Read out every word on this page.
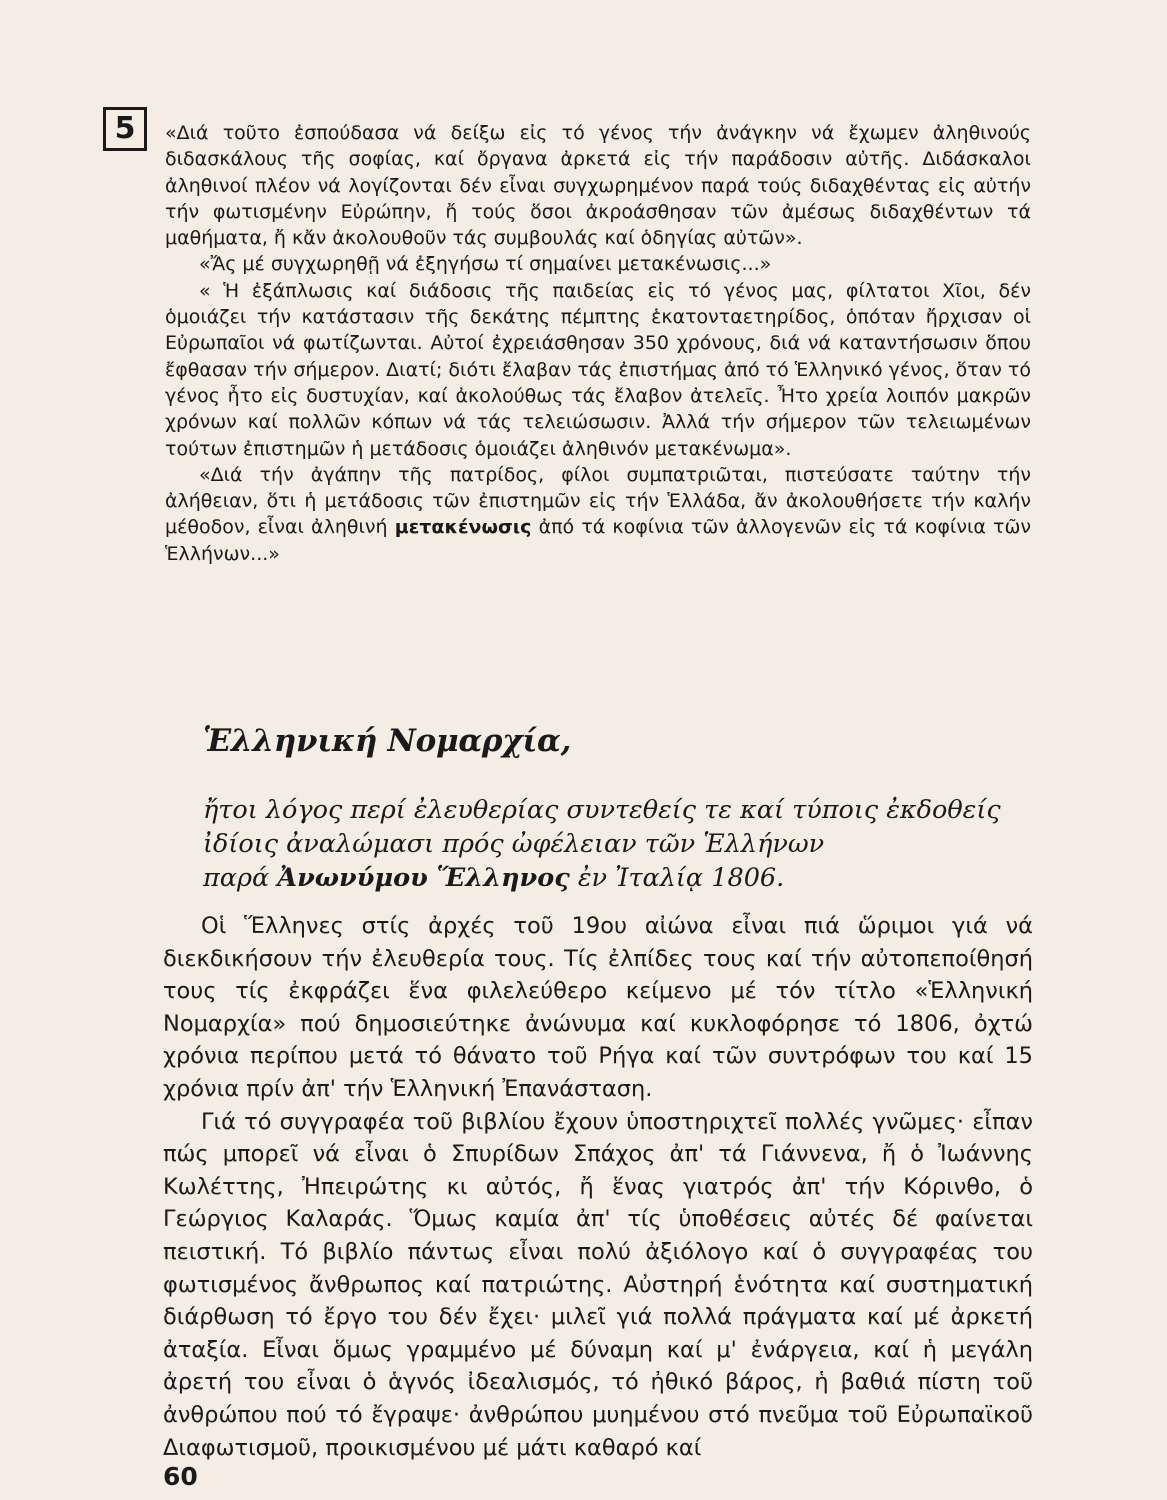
5	«Διά τοῦτο ἐσπούδασα νά δείξω εἰς τό γένος τήν ἀνάγκην νά ἔχωμεν ἀληθινούς διδασκάλους τῆς σοφίας, καί ὄργανα ἀρκετά εἰς τήν παράδοσιν αὐτῆς. Διδάσκαλοι ἀληθινοί πλέον νά λογίζονται δέν εἶναι συγχωρημένον παρά τούς διδαχθέντας εἰς αὐτήν τήν φωτισμένην Εὐρώπην, ἤ τούς ὅσοι ἀκροάσθησαν τῶν ἀμέσως διδαχθέντων τά μαθήματα, ἤ κἄν ἀκολουθοῦν τάς συμβουλάς καί ὁδηγίας αὐτῶν».

«Ἄς μέ συγχωρηθῇ νά ἐξηγήσω τί σημαίνει μετακένωσις...»

« Ἡ ἐξάπλωσις καί διάδοσις τῆς παιδείας εἰς τό γένος μας, φίλτατοι Χῖοι, δέν ὁμοιάζει τήν κατάστασιν τῆς δεκάτης πέμπτης ἑκατονταετηρίδος, ὁπόταν ἤρχισαν οἱ Εὐρωπαῖοι νά φωτίζωνται. Αὐτοί ἐχρειάσθησαν 350 χρόνους, διά νά καταντήσωσιν ὅπου ἔφθασαν τήν σήμερον. Διατί; διότι ἔλαβαν τάς ἐπιστήμας ἀπό τό Ἑλληνικό γένος, ὅταν τό γένος ἦτο εἰς δυστυχίαν, καί ἀκολούθως τάς ἔλαβον ἀτελεῖς. Ἦτο χρεία λοιπόν μακρῶν χρόνων καί πολλῶν κόπων νά τάς τελειώσωσιν. Ἀλλά τήν σήμερον τῶν τελειωμένων τούτων ἐπιστημῶν ἡ μετάδοσις ὁμοιάζει ἀληθινόν μετακένωμα».

«Διά τήν ἀγάπην τῆς πατρίδος, φίλοι συμπατριῶται, πιστεύσατε ταύτην τήν ἀλήθειαν, ὅτι ἡ μετάδοσις τῶν ἐπιστημῶν εἰς τήν Ἑλλάδα, ἄν ἀκολουθήσετε τήν καλήν μέθοδον, εἶναι ἀληθινή μετακένωσις ἀπό τά κοφίνια τῶν ἀλλογενῶν εἰς τά κοφίνια τῶν Ἑλλήνων...»

Ἑλληνική Νομαρχία,

ἤτοι λόγος περί ἐλευθερίας συντεθείς τε καί τύποις ἐκδοθείς

ἰδίοις ἀναλώμασι πρός ὠφέλειαν τῶν Ἑλλήνων

παρά Ἀνωνύμου Ἕλληνος ἐν Ἰταλίᾳ 1806.

Οἱ Ἕλληνες στίς ἀρχές τοῦ 19ου αἰώνα εἶναι πιά ὥριμοι γιά νά διεκδικήσουν τήν ἐλευθερία τους. Τίς ἐλπίδες τους καί τήν αὐτοπεποίθησή τους τίς ἐκφράζει ἕνα φιλελεύθερο κείμενο μέ τόν τίτλο «Ἑλληνική Νομαρχία» πού δημοσιεύτηκε ἀνώνυμα καί κυκλοφόρησε τό 1806, ὀχτώ χρόνια περίπου μετά τό θάνατο τοῦ Ρήγα καί τῶν συντρόφων του καί 15 χρόνια πρίν ἀπ' τήν Ἑλληνική Ἐπανάσταση.

Γιά τό συγγραφέα τοῦ βιβλίου ἔχουν ὑποστηριχτεῖ πολλές γνῶμες· εἶπαν πώς μπορεῖ νά εἶναι ὁ Σπυρίδων Σπάχος ἀπ' τά Γιάννενα, ἤ ὁ Ἰωάννης Κωλέττης, Ἠπειρώτης κι αὐτός, ἤ ἕνας γιατρός ἀπ' τήν Κόρινθο, ὁ Γεώργιος Καλαράς. Ὅμως καμία ἀπ' τίς ὑποθέσεις αὐτές δέ φαίνεται πειστική. Τό βιβλίο πάντως εἶναι πολύ ἀξιόλογο καί ὁ συγγραφέας του φωτισμένος ἄνθρωπος καί πατριώτης. Αὐστηρή ἑνότητα καί συστηματική διάρθωση τό ἔργο του δέν ἔχει· μιλεῖ γιά πολλά πράγματα καί μέ ἀρκετή ἀταξία. Εἶναι ὅμως γραμμένο μέ δύναμη καί μ' ἐνάργεια, καί ἡ μεγάλη ἀρετή του εἶναι ὁ ἁγνός ἰδεαλισμός, τό ἠθικό βάρος, ἡ βαθιά πίστη τοῦ ἀνθρώπου πού τό ἔγραψε· ἀνθρώπου μυημένου στό πνεῦμα τοῦ Εὐρωπαϊκοῦ Διαφωτισμοῦ, προικισμένου μέ μάτι καθαρό καί

60
